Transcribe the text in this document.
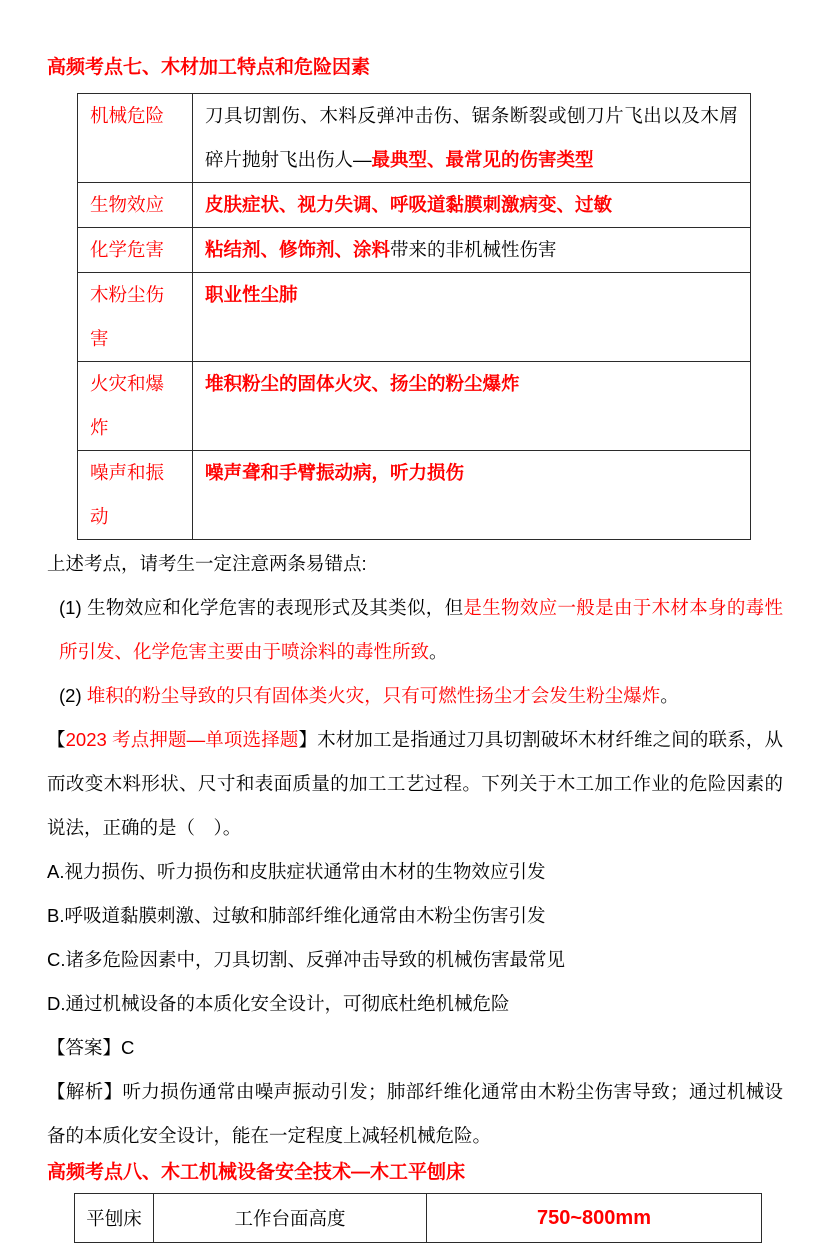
高频考点七、木材加工特点和危险因素
机械危险	刀具切割伤、木料反弹冲击伤、锯条断裂或刨刀片飞出以及木屑碎片抛射飞出伤人—最典型、最常见的伤害类型
生物效应	皮肤症状、视力失调、呼吸道黏膜刺激病变、过敏
化学危害	粘结剂、修饰剂、涂料带来的非机械性伤害
木粉尘伤害	职业性尘肺
火灾和爆炸	堆积粉尘的固体火灾、扬尘的粉尘爆炸
噪声和振动	噪声聋和手臂振动病，听力损伤

上述考点，请考生一定注意两条易错点:

(1) 生物效应和化学危害的表现形式及其类似，但是生物效应一般是由于木材本身的毒性所引发、化学危害主要由于喷涂料的毒性所致。

(2) 堆积的粉尘导致的只有固体类火灾，只有可燃性扬尘才会发生粉尘爆炸。

【2023 考点押题—单项选择题】木材加工是指通过刀具切割破坏木材纤维之间的联系，从而改变木料形状、尺寸和表面质量的加工工艺过程。下列关于木工加工作业的危险因素的说法，正确的是（　）。

A.视力损伤、听力损伤和皮肤症状通常由木材的生物效应引发

B.呼吸道黏膜刺激、过敏和肺部纤维化通常由木粉尘伤害引发

C.诸多危险因素中，刀具切割、反弹冲击导致的机械伤害最常见

D.通过机械设备的本质化安全设计，可彻底杜绝机械危险

【答案】C

【解析】听力损伤通常由噪声振动引发；肺部纤维化通常由木粉尘伤害导致；通过机械设备的本质化安全设计，能在一定程度上减轻机械危险。

高频考点八、木工机械设备安全技术—木工平刨床
平刨床	工作台面高度	750~800mm
